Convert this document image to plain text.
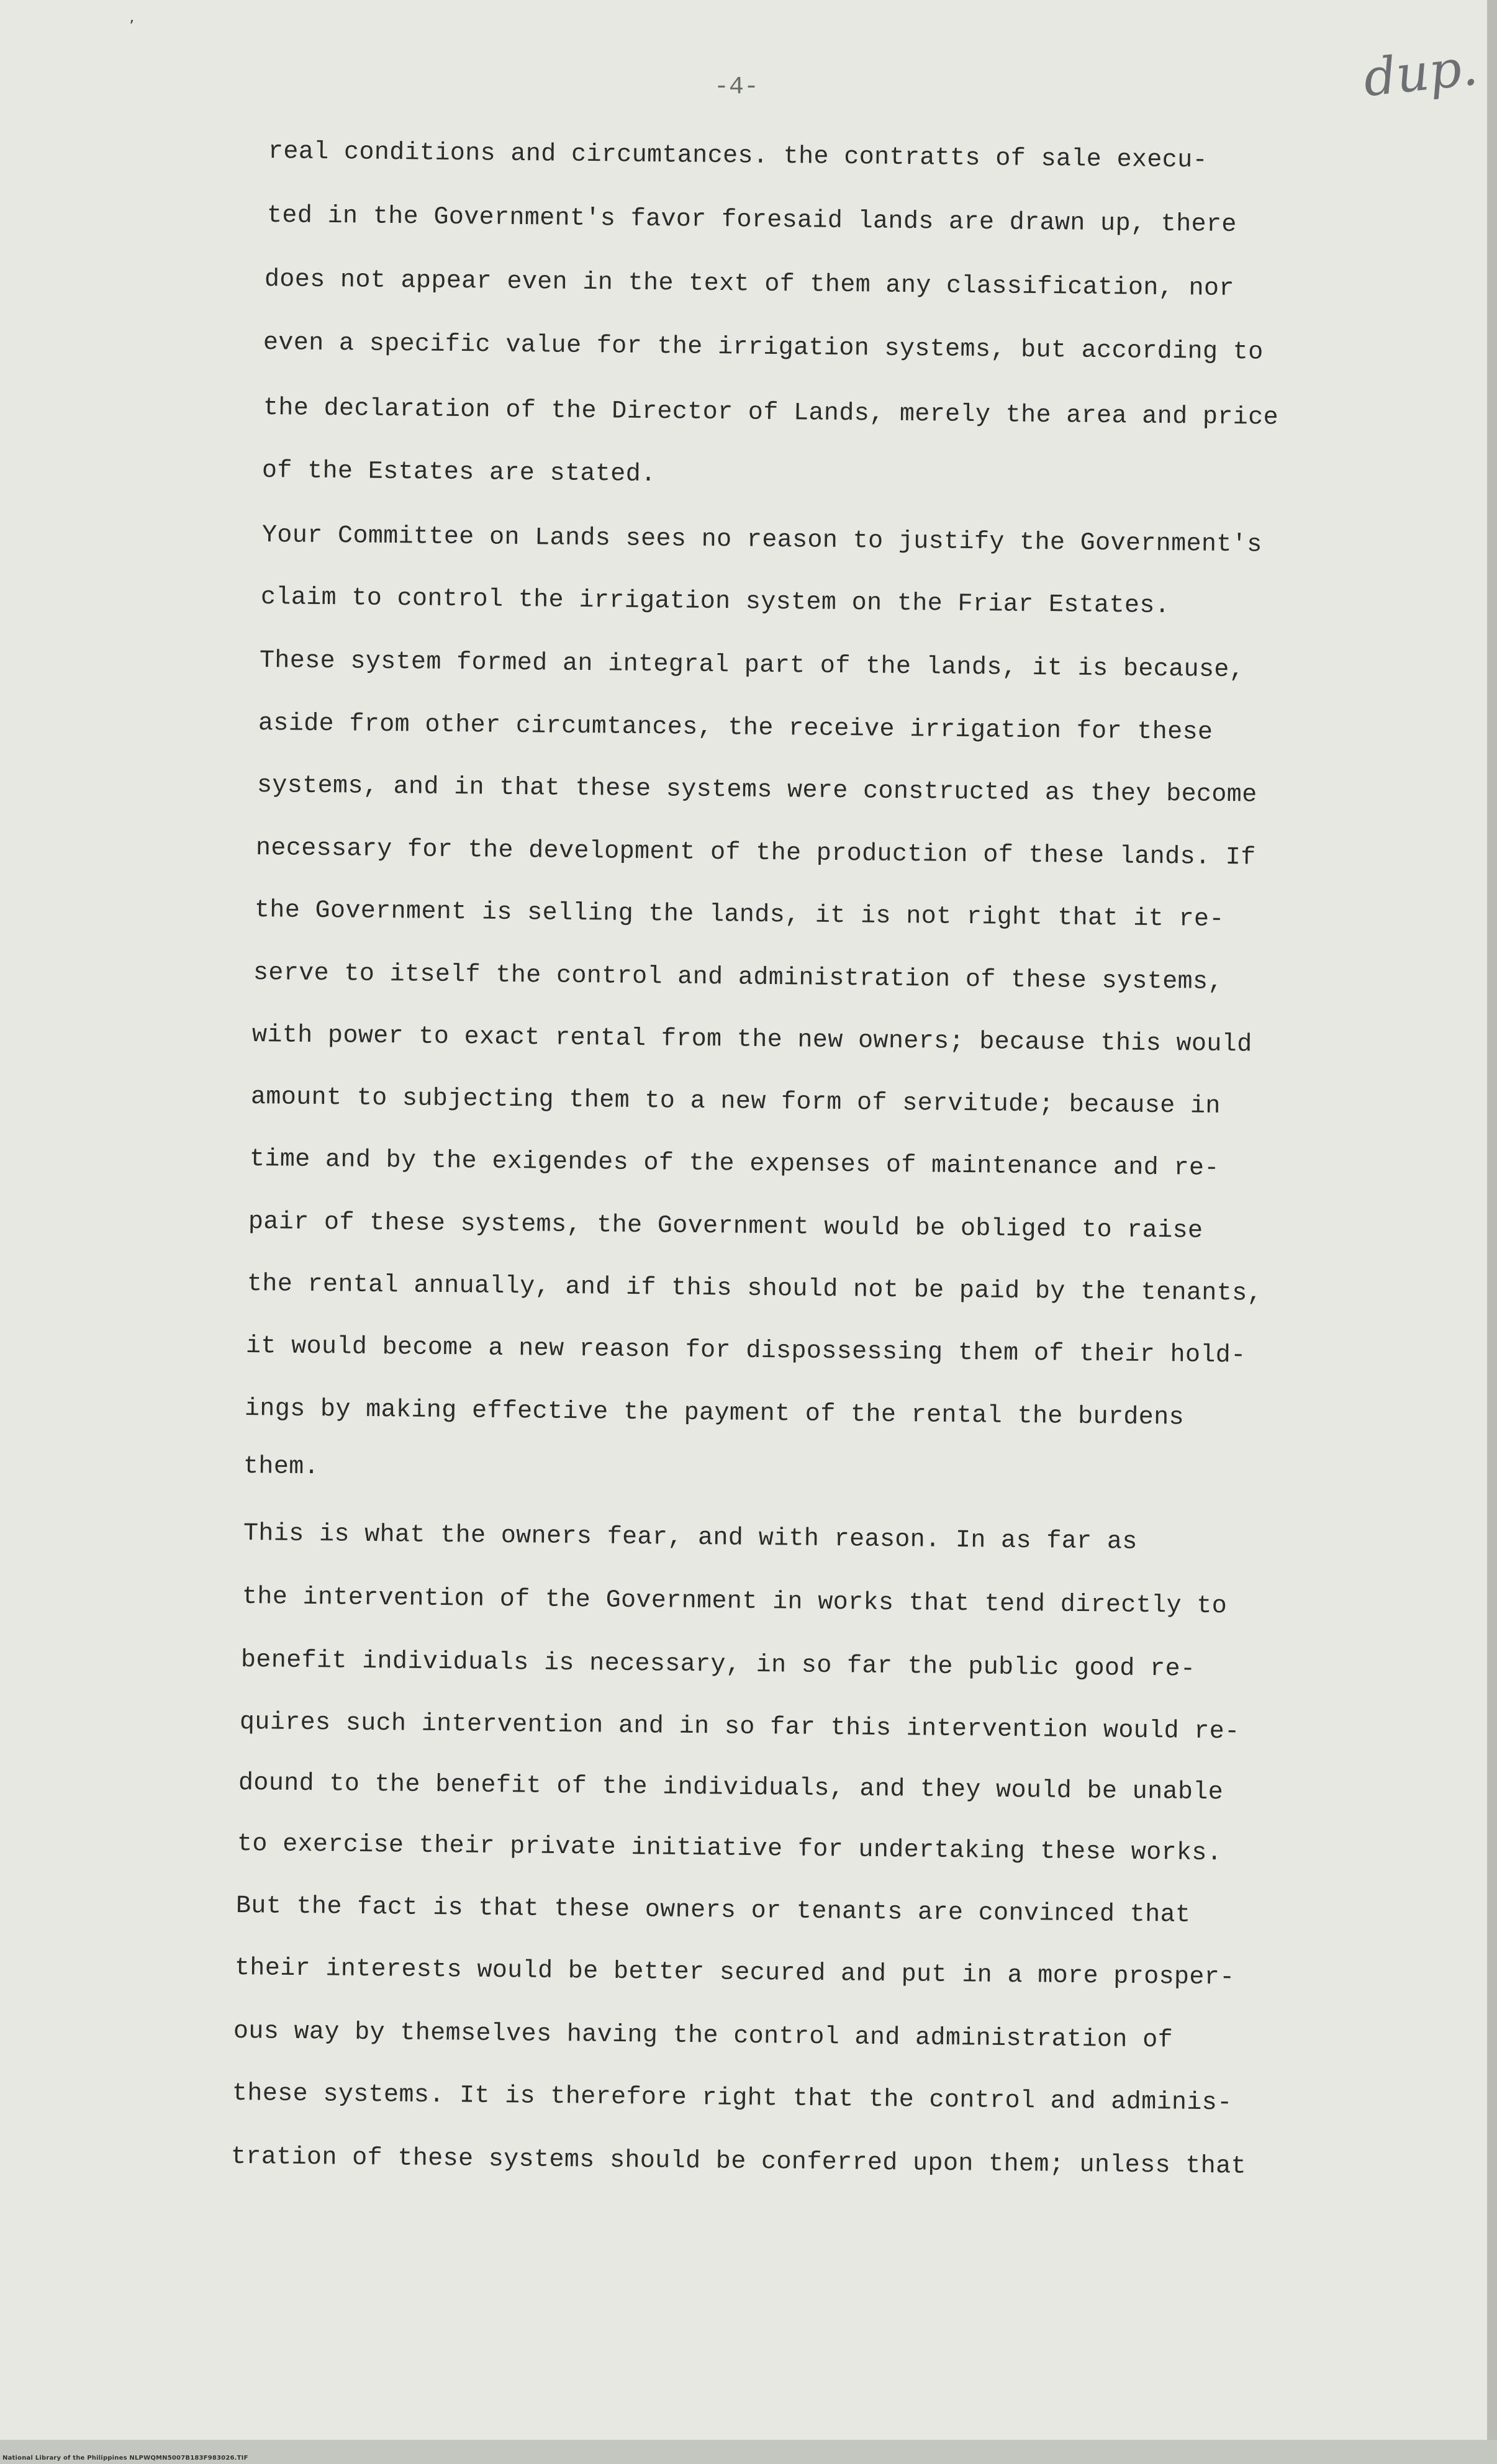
ʼ
-4-	dup.
real conditions and circumtances. the contratts of sale execu-
ted in the Government's favor foresaid lands are drawn up, there
does not appear even in the text of them any classification, nor
even a specific value for the irrigation systems, but according to
the declaration of the Director of Lands, merely the area and price
of the Estates are stated.
Your Committee on Lands sees no reason to justify the Government's
claim to control the irrigation system on the Friar Estates.
These system formed an integral part of the lands, it is because,
aside from other circumtances, the receive irrigation for these
systems, and in that these systems were constructed as they become
necessary for the development of the production of these lands. If
the Government is selling the lands, it is not right that it re-
serve to itself the control and administration of these systems,
with power to exact rental from the new owners; because this would
amount to subjecting them to a new form of servitude; because in
time and by the exigendes of the expenses of maintenance and re-
pair of these systems, the Government would be obliged to raise
the rental annually, and if this should not be paid by the tenants,
it would become a new reason for dispossessing them of their hold-
ings by making effective the payment of the rental the burdens
them.
This is what the owners fear, and with reason. In as far as
the intervention of the Government in works that tend directly to
benefit individuals is necessary, in so far the public good re-
quires such intervention and in so far this intervention would re-
dound to the benefit of the individuals, and they would be unable
to exercise their private initiative for undertaking these works.
But the fact is that these owners or tenants are convinced that
their interests would be better secured and put in a more prosper-
ous way by themselves having the control and administration of
these systems. It is therefore right that the control and adminis-
tration of these systems should be conferred upon them; unless that
National Library of the Philippines NLPWQMN5007B183F983026.TIF
